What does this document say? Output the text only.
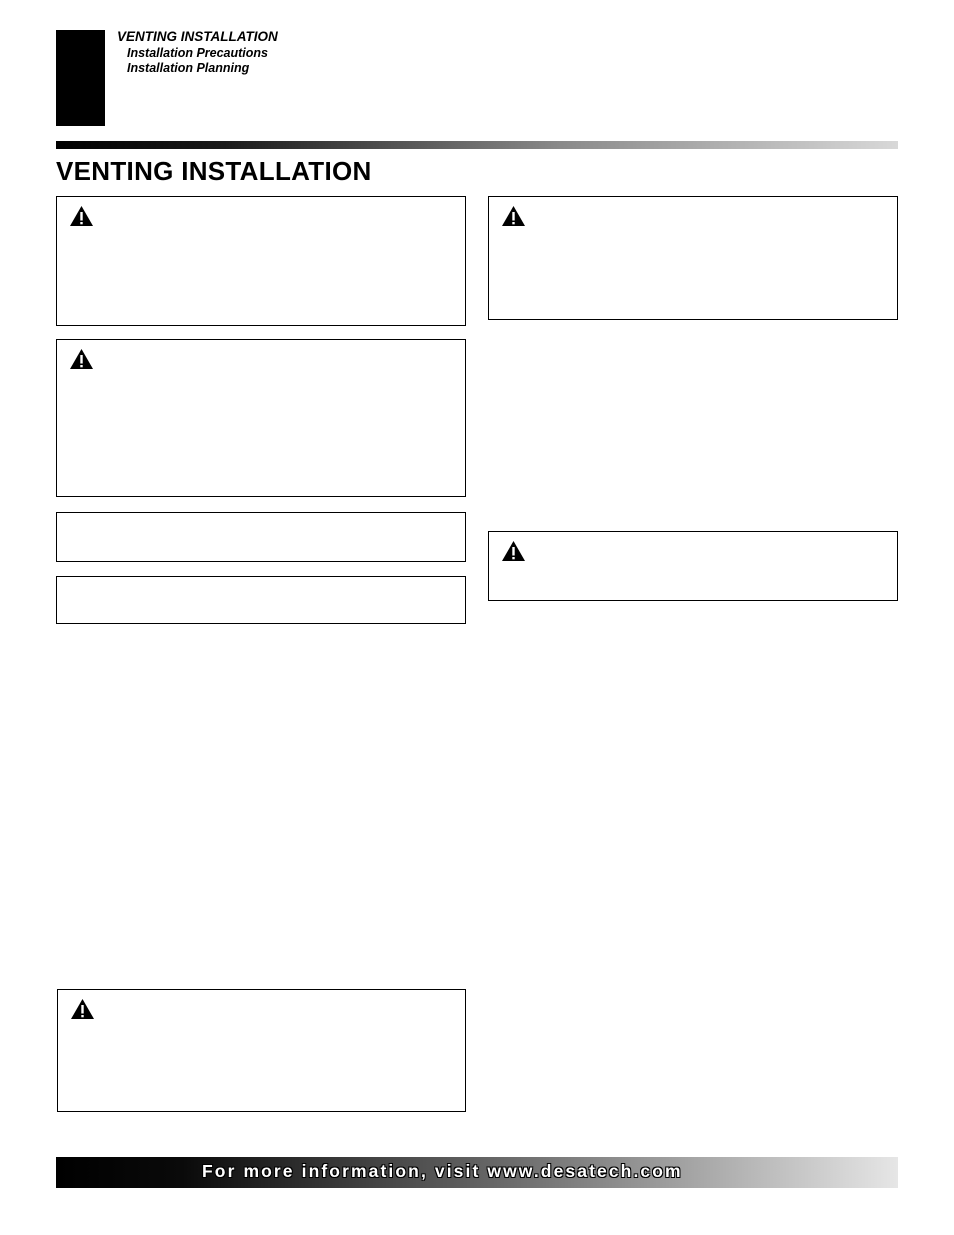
VENTING INSTALLATION
Installation Precautions
Installation Planning
VENTING INSTALLATION
For more information, visit www.desatech.com
